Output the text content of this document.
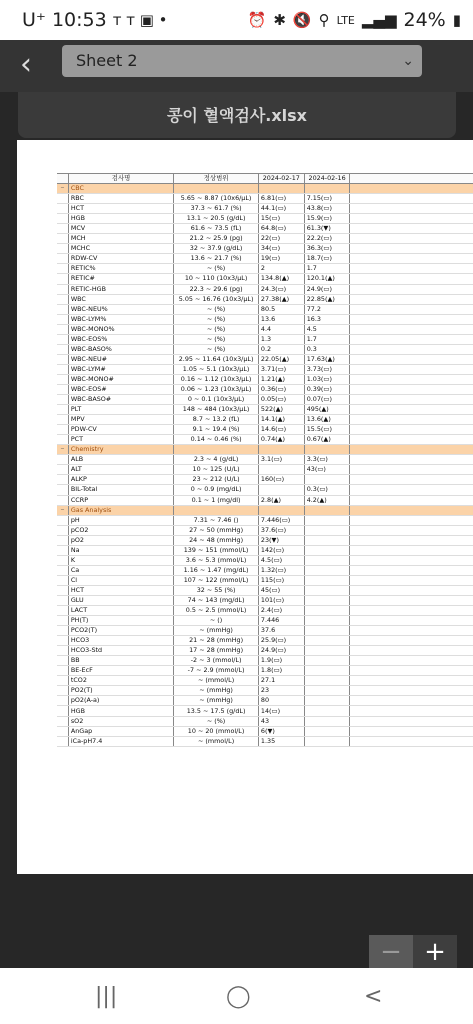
U⁺ 10:53 ᴛ ᴛ ▣ •	⏰ ✱ 🔇 ⚲ LTE ▂▄▆ 24% ▮
‹	Sheet 2	⌄
콩이 혈액검사.xlsx
	검사명	정상범위	2024-02-17	2024-02-16	
−	CBC				
	RBC	5.65 ~ 8.87 (10x6/μL)	6.81(▭)	7.15(▭)	
	HCT	37.3 ~ 61.7 (%)	44.1(▭)	43.8(▭)	
	HGB	13.1 ~ 20.5 (g/dL)	15(▭)	15.9(▭)	
	MCV	61.6 ~ 73.5 (fL)	64.8(▭)	61.3(▼)	
	MCH	21.2 ~ 25.9 (pg)	22(▭)	22.2(▭)	
	MCHC	32 ~ 37.9 (g/dL)	34(▭)	36.3(▭)	
	RDW-CV	13.6 ~ 21.7 (%)	19(▭)	18.7(▭)	
	RETIC%	~ (%)	2	1.7	
	RETIC#	10 ~ 110 (10x3/μL)	134.8(▲)	120.1(▲)	
	RETIC-HGB	22.3 ~ 29.6 (pg)	24.3(▭)	24.9(▭)	
	WBC	5.05 ~ 16.76 (10x3/μL)	27.38(▲)	22.85(▲)	
	WBC-NEU%	~ (%)	80.5	77.2	
	WBC-LYM%	~ (%)	13.6	16.3	
	WBC-MONO%	~ (%)	4.4	4.5	
	WBC-EOS%	~ (%)	1.3	1.7	
	WBC-BASO%	~ (%)	0.2	0.3	
	WBC-NEU#	2.95 ~ 11.64 (10x3/μL)	22.05(▲)	17.63(▲)	
	WBC-LYM#	1.05 ~ 5.1 (10x3/μL)	3.71(▭)	3.73(▭)	
	WBC-MONO#	0.16 ~ 1.12 (10x3/μL)	1.21(▲)	1.03(▭)	
	WBC-EOS#	0.06 ~ 1.23 (10x3/μL)	0.36(▭)	0.39(▭)	
	WBC-BASO#	0 ~ 0.1 (10x3/μL)	0.05(▭)	0.07(▭)	
	PLT	148 ~ 484 (10x3/μL)	522(▲)	495(▲)	
	MPV	8.7 ~ 13.2 (fL)	14.1(▲)	13.6(▲)	
	PDW-CV	9.1 ~ 19.4 (%)	14.6(▭)	15.5(▭)	
	PCT	0.14 ~ 0.46 (%)	0.74(▲)	0.67(▲)	
−	Chemistry				
	ALB	2.3 ~ 4 (g/dL)	3.1(▭)	3.3(▭)	
	ALT	10 ~ 125 (U/L)		43(▭)	
	ALKP	23 ~ 212 (U/L)	160(▭)		
	BIL-Total	0 ~ 0.9 (mg/dL)		0.3(▭)	
	CCRP	0.1 ~ 1 (mg/dl)	2.8(▲)	4.2(▲)	
−	Gas Analysis				
	pH	7.31 ~ 7.46 ()	7.446(▭)		
	pCO2	27 ~ 50 (mmHg)	37.6(▭)		
	pO2	24 ~ 48 (mmHg)	23(▼)		
	Na	139 ~ 151 (mmol/L)	142(▭)		
	K	3.6 ~ 5.3 (mmol/L)	4.5(▭)		
	Ca	1.16 ~ 1.47 (mg/dL)	1.32(▭)		
	Cl	107 ~ 122 (mmol/L)	115(▭)		
	HCT	32 ~ 55 (%)	45(▭)		
	GLU	74 ~ 143 (mg/dL)	101(▭)		
	LACT	0.5 ~ 2.5 (mmol/L)	2.4(▭)		
	PH(T)	~ ()	7.446		
	PCO2(T)	~ (mmHg)	37.6		
	HCO3	21 ~ 28 (mmHg)	25.9(▭)		
	HCO3-Std	17 ~ 28 (mmHg)	24.9(▭)		
	BB	-2 ~ 3 (mmol/L)	1.9(▭)		
	BE-EcF	-7 ~ 2.9 (mmol/L)	1.8(▭)		
	tCO2	~ (mmol/L)	27.1		
	PO2(T)	~ (mmHg)	23		
	pO2(A-a)	~ (mmHg)	80		
	HGB	13.5 ~ 17.5 (g/dL)	14(▭)		
	sO2	~ (%)	43		
	AnGap	10 ~ 20 (mmol/L)	6(▼)		
	iCa-pH7.4	~ (mmol/L)	1.35		
− +
|||	◯	<
